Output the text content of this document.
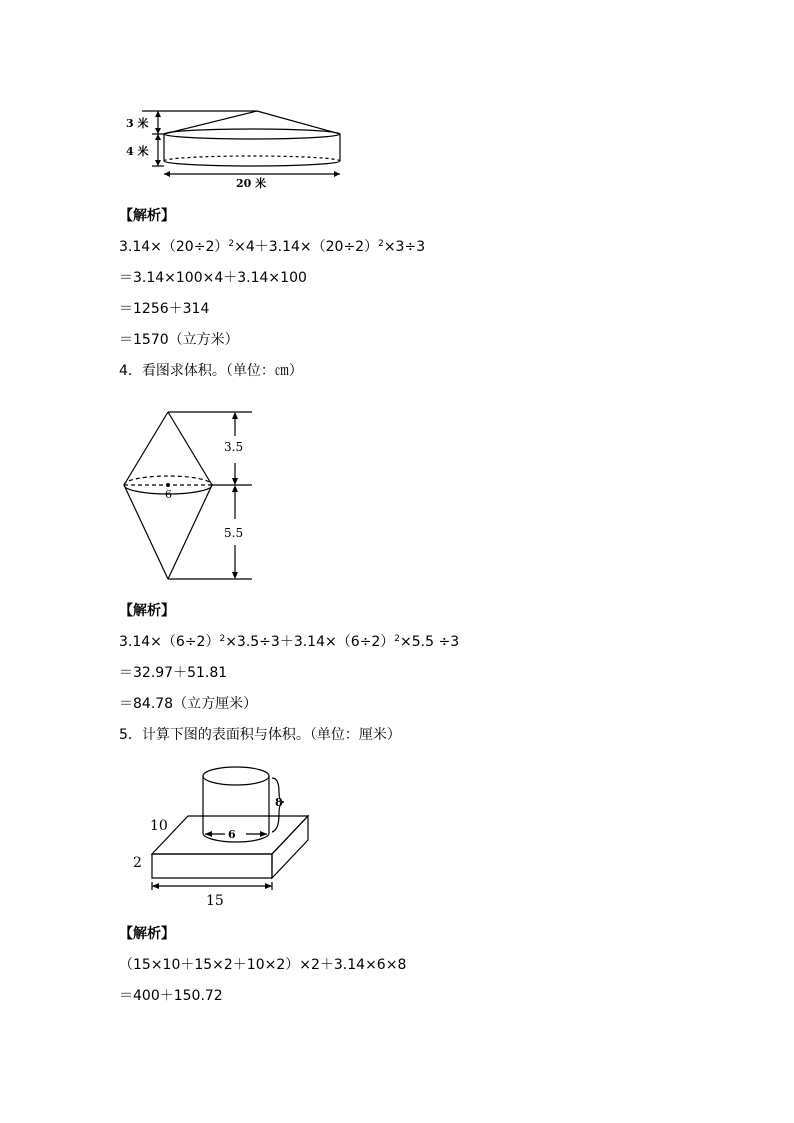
3 米
4 米
20 米
【解析】
$3.14\times(20\div 2)^2\times 4+3.14\times(20\div 2)^2\times 3\div 3$
＝3.14×100×4＋3.14×100
＝1256＋314
＝1570（立方米）
4．看图求体积。（单位：㎝）
3.5
6
5.5
【解析】
$3.14\times(6\div 2)^2\times 3.5\div 3+3.14\times(6\div 2)^2\times 5.5 \div 3$
＝32.97＋51.81
＝84.78（立方厘米）
5．计算下图的表面积与体积。（单位：厘米）
8
6
10
2
15
【解析】
（15×10＋15×2＋10×2）×2＋3.14×6×8
＝400＋150.72
